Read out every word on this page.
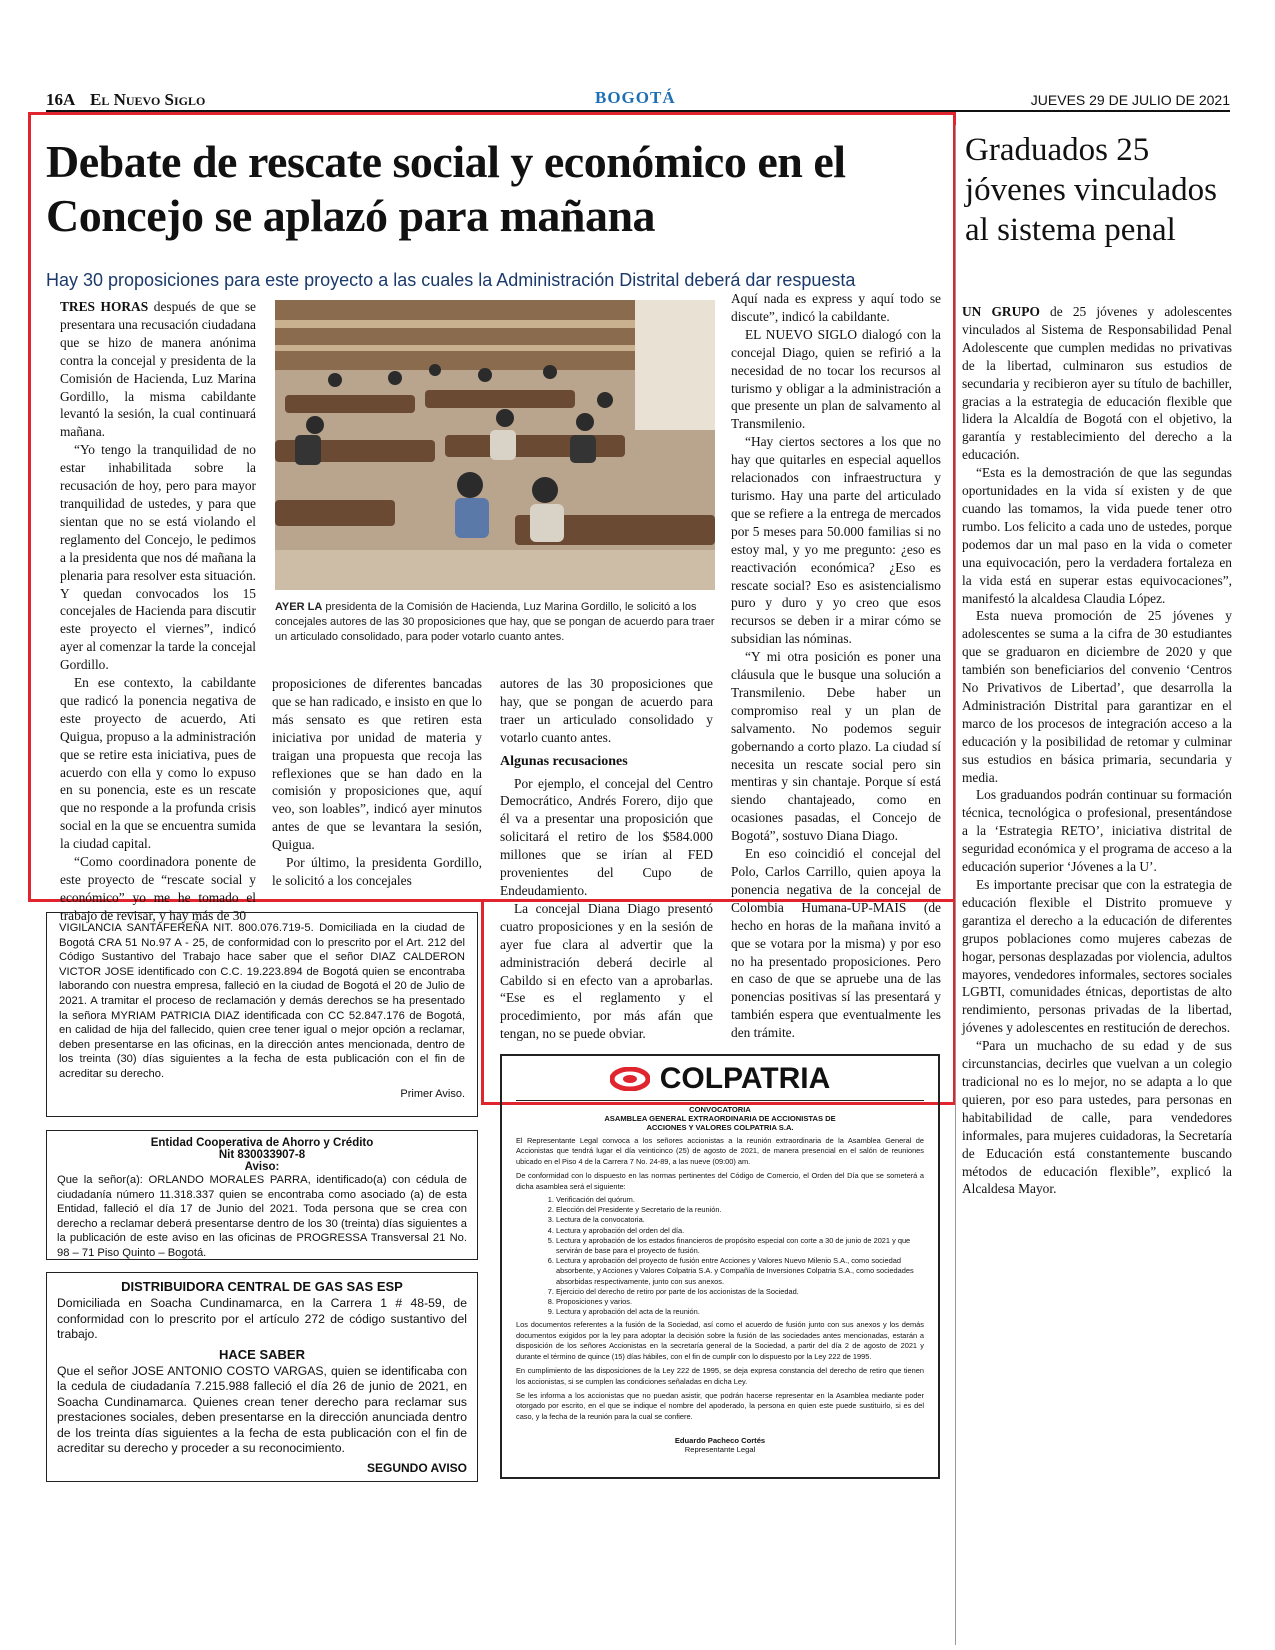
16A El Nuevo Siglo	BOGOTÁ	JUEVES 29 DE JULIO DE 2021
Debate de rescate social y económico en el Concejo se aplazó para mañana
Hay 30 proposiciones para este proyecto a las cuales la Administración Distrital deberá dar respuesta

TRES HORAS después de que se presentara una recusación ciudadana que se hizo de manera anónima contra la concejal y presidenta de la Comisión de Hacienda, Luz Marina Gordillo, la misma cabildante levantó la sesión, la cual continuará mañana.

“Yo tengo la tranquilidad de no estar inhabilitada sobre la recusación de hoy, pero para mayor tranquilidad de ustedes, y para que sientan que no se está violando el reglamento del Concejo, le pedimos a la presidenta que nos dé mañana la plenaria para resolver esta situación. Y quedan convocados los 15 concejales de Hacienda para discutir este proyecto el viernes”, indicó ayer al comenzar la tarde la concejal Gordillo.

En ese contexto, la cabildante que radicó la ponencia negativa de este proyecto de acuerdo, Ati Quigua, propuso a la administración que se retire esta iniciativa, pues de acuerdo con ella y como lo expuso en su ponencia, este es un rescate que no responde a la profunda crisis social en la que se encuentra sumida la ciudad capital.

“Como coordinadora ponente de este proyecto de “rescate social y económico” yo me he tomado el trabajo de revisar, y hay más de 30

AYER LA presidenta de la Comisión de Hacienda, Luz Marina Gordillo, le solicitó a los concejales autores de las 30 proposiciones que hay, que se pongan de acuerdo para traer un articulado consolidado, para poder votarlo cuanto antes.

proposiciones de diferentes bancadas que se han radicado, e insisto en que lo más sensato es que retiren esta iniciativa por unidad de materia y traigan una propuesta que recoja las reflexiones que se han dado en la comisión y proposiciones que, aquí veo, son loables”, indicó ayer minutos antes de que se levantara la sesión, Quigua.

Por último, la presidenta Gordillo, le solicitó a los concejales

autores de las 30 proposiciones que hay, que se pongan de acuerdo para traer un articulado consolidado y votarlo cuanto antes.

Algunas recusaciones

Por ejemplo, el concejal del Centro Democrático, Andrés Forero, dijo que él va a presentar una proposición que solicitará el retiro de los $584.000 millones que se irían al FED provenientes del Cupo de Endeudamiento.

La concejal Diana Diago presentó cuatro proposiciones y en la sesión de ayer fue clara al advertir que la administración deberá decirle al Cabildo si en efecto van a aprobarlas. “Ese es el reglamento y el procedimiento, por más afán que tengan, no se puede obviar.

Aquí nada es express y aquí todo se discute”, indicó la cabildante.

EL NUEVO SIGLO dialogó con la concejal Diago, quien se refirió a la necesidad de no tocar los recursos al turismo y obligar a la administración a que presente un plan de salvamento al Transmilenio.

“Hay ciertos sectores a los que no hay que quitarles en especial aquellos relacionados con infraestructura y turismo. Hay una parte del articulado que se refiere a la entrega de mercados por 5 meses para 50.000 familias si no estoy mal, y yo me pregunto: ¿eso es reactivación económica? ¿Eso es rescate social? Eso es asistencialismo puro y duro y yo creo que esos recursos se deben ir a mirar cómo se subsidian las nóminas.

“Y mi otra posición es poner una cláusula que le busque una solución a Transmilenio. Debe haber un compromiso real y un plan de salvamento. No podemos seguir gobernando a corto plazo. La ciudad sí necesita un rescate social pero sin mentiras y sin chantaje. Porque sí está siendo chantajeado, como en ocasiones pasadas, el Concejo de Bogotá”, sostuvo Diana Diago.

En eso coincidió el concejal del Polo, Carlos Carrillo, quien apoya la ponencia negativa de la concejal de Colombia Humana-UP-MAIS (de hecho en horas de la mañana invitó a que se votara por la misma) y por eso no ha presentado proposiciones. Pero en caso de que se apruebe una de las ponencias positivas sí las presentará y también espera que eventualmente les den trámite.

Graduados 25 jóvenes vinculados al sistema penal

UN GRUPO de 25 jóvenes y adolescentes vinculados al Sistema de Responsabilidad Penal Adolescente que cumplen medidas no privativas de la libertad, culminaron sus estudios de secundaria y recibieron ayer su título de bachiller, gracias a la estrategia de educación flexible que lidera la Alcaldía de Bogotá con el objetivo, la garantía y restablecimiento del derecho a la educación.

“Esta es la demostración de que las segundas oportunidades en la vida sí existen y de que cuando las tomamos, la vida puede tener otro rumbo. Los felicito a cada uno de ustedes, porque podemos dar un mal paso en la vida o cometer una equivocación, pero la verdadera fortaleza en la vida está en superar estas equivocaciones”, manifestó la alcaldesa Claudia López.

Esta nueva promoción de 25 jóvenes y adolescentes se suma a la cifra de 30 estudiantes que se graduaron en diciembre de 2020 y que también son beneficiarios del convenio ‘Centros No Privativos de Libertad’, que desarrolla la Administración Distrital para garantizar en el marco de los procesos de integración acceso a la educación y la posibilidad de retomar y culminar sus estudios en básica primaria, secundaria y media.

Los graduandos podrán continuar su formación técnica, tecnológica o profesional, presentándose a la ‘Estrategia RETO’, iniciativa distrital de seguridad económica y el programa de acceso a la educación superior ‘Jóvenes a la U’.

Es importante precisar que con la estrategia de educación flexible el Distrito promueve y garantiza el derecho a la educación de diferentes grupos poblaciones como mujeres cabezas de hogar, personas desplazadas por violencia, adultos mayores, vendedores informales, sectores sociales LGBTI, comunidades étnicas, deportistas de alto rendimiento, personas privadas de la libertad, jóvenes y adolescentes en restitución de derechos.

“Para un muchacho de su edad y de sus circunstancias, decirles que vuelvan a un colegio tradicional no es lo mejor, no se adapta a lo que quieren, por eso para ustedes, para personas en habitabilidad de calle, para vendedores informales, para mujeres cuidadoras, la Secretaría de Educación está constantemente buscando métodos de educación flexible”, explicó la Alcaldesa Mayor.

VIGILANCIA SANTAFEREÑA NIT. 800.076.719-5. Domiciliada en la ciudad de Bogotá CRA 51 No.97 A - 25, de conformidad con lo prescrito por el Art. 212 del Código Sustantivo del Trabajo hace saber que el señor DIAZ CALDERON VICTOR JOSE identificado con C.C. 19.223.894 de Bogotá quien se encontraba laborando con nuestra empresa, falleció en la ciudad de Bogotá el 20 de Julio de 2021. A tramitar el proceso de reclamación y demás derechos se ha presentado la señora MYRIAM PATRICIA DIAZ identificada con CC 52.847.176 de Bogotá, en calidad de hija del fallecido, quien cree tener igual o mejor opción a reclamar, deben presentarse en las oficinas, en la dirección antes mencionada, dentro de los treinta (30) días siguientes a la fecha de esta publicación con el fin de acreditar su derecho.
Primer Aviso.
Entidad Cooperativa de Ahorro y Crédito
Nit 830033907-8
Aviso:
Que la señor(a): ORLANDO MORALES PARRA, identificado(a) con cédula de ciudadanía número 11.318.337 quien se encontraba como asociado (a) de esta Entidad, falleció el día 17 de Junio del 2021. Toda persona que se crea con derecho a reclamar deberá presentarse dentro de los 30 (treinta) días siguientes a la publicación de este aviso en las oficinas de PROGRESSA Transversal 21 No. 98 – 71 Piso Quinto – Bogotá.
DISTRIBUIDORA CENTRAL DE GAS SAS ESP
Domiciliada en Soacha Cundinamarca, en la Carrera 1 # 48-59, de conformidad con lo prescrito por el artículo 272 de código sustantivo del trabajo.
HACE SABER
Que el señor JOSE ANTONIO COSTO VARGAS, quien se identificaba con la cedula de ciudadanía 7.215.988 falleció el día 26 de junio de 2021, en Soacha Cundinamarca. Quienes crean tener derecho para reclamar sus prestaciones sociales, deben presentarse en la dirección anunciada dentro de los treinta días siguientes a la fecha de esta publicación con el fin de acreditar su derecho y proceder a su reconocimiento.
SEGUNDO AVISO
COLPATRIA
CONVOCATORIA
ASAMBLEA GENERAL EXTRAORDINARIA DE ACCIONISTAS DE
ACCIONES Y VALORES COLPATRIA S.A.
El Representante Legal convoca a los señores accionistas a la reunión extraordinaria de la Asamblea General de Accionistas que tendrá lugar el día veinticinco (25) de agosto de 2021, de manera presencial en el salón de reuniones ubicado en el Piso 4 de la Carrera 7 No. 24-89, a las nueve (09:00) am.
De conformidad con lo dispuesto en las normas pertinentes del Código de Comercio, el Orden del Día que se someterá a dicha asamblea será el siguiente:
1. Verificación del quórum.
2. Elección del Presidente y Secretario de la reunión.
3. Lectura de la convocatoria.
4. Lectura y aprobación del orden del día.
5. Lectura y aprobación de los estados financieros de propósito especial con corte a 30 de junio de 2021 y que servirán de base para el proyecto de fusión.
6. Lectura y aprobación del proyecto de fusión entre Acciones y Valores Nuevo Milenio S.A., como sociedad absorbente, y Acciones y Valores Colpatria S.A. y Compañía de Inversiones Colpatria S.A., como sociedades absorbidas respectivamente, junto con sus anexos.
7. Ejercicio del derecho de retiro por parte de los accionistas de la Sociedad.
8. Proposiciones y varios.
9. Lectura y aprobación del acta de la reunión.
Los documentos referentes a la fusión de la Sociedad, así como el acuerdo de fusión junto con sus anexos y los demás documentos exigidos por la ley para adoptar la decisión sobre la fusión de las sociedades antes mencionadas, estarán a disposición de los señores Accionistas en la secretaría general de la Sociedad, a partir del día 2 de agosto de 2021 y durante el término de quince (15) días hábiles, con el fin de cumplir con lo dispuesto por la Ley 222 de 1995.
En cumplimiento de las disposiciones de la Ley 222 de 1995, se deja expresa constancia del derecho de retiro que tienen los accionistas, si se cumplen las condiciones señaladas en dicha Ley.
Se les informa a los accionistas que no puedan asistir, que podrán hacerse representar en la Asamblea mediante poder otorgado por escrito, en el que se indique el nombre del apoderado, la persona en quien este puede sustituirlo, si es del caso, y la fecha de la reunión para la cual se confiere.
Eduardo Pacheco Cortés
Representante Legal
